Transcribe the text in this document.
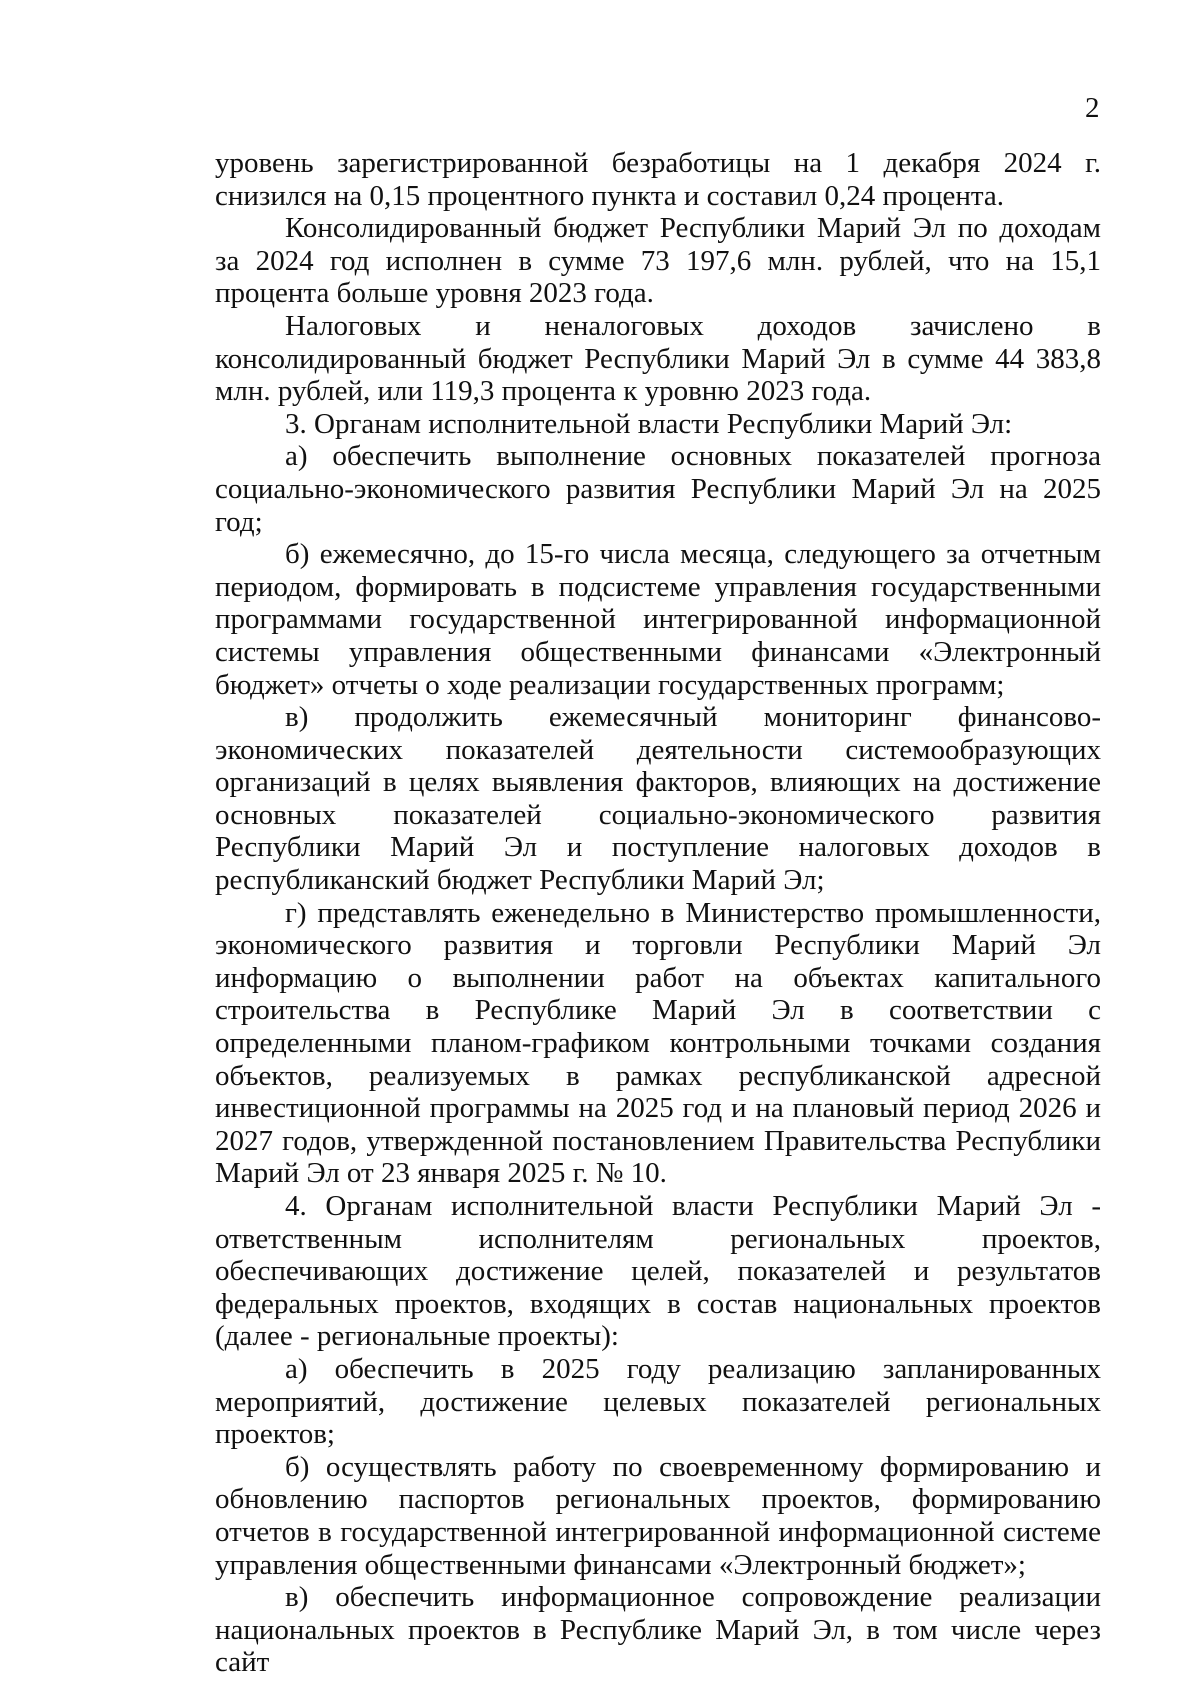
2

уровень зарегистрированной безработицы на 1 декабря 2024 г. снизился на 0,15 процентного пункта и составил 0,24 процента.

Консолидированный бюджет Республики Марий Эл по доходам за 2024 год исполнен в сумме 73 197,6 млн. рублей, что на 15,1 процента больше уровня 2023 года.

Налоговых и неналоговых доходов зачислено в консолидированный бюджет Республики Марий Эл в сумме 44 383,8 млн. рублей, или 119,3 процента к уровню 2023 года.

3. Органам исполнительной власти Республики Марий Эл:

а) обеспечить выполнение основных показателей прогноза социально-экономического развития Республики Марий Эл на 2025 год;

б) ежемесячно, до 15-го числа месяца, следующего за отчетным периодом, формировать в подсистеме управления государственными программами государственной интегрированной информационной системы управления общественными финансами «Электронный бюджет» отчеты о ходе реализации государственных программ;

в) продолжить ежемесячный мониторинг финансово-экономических показателей деятельности системообразующих организаций в целях выявления факторов, влияющих на достижение основных показателей социально-экономического развития Республики Марий Эл и поступление налоговых доходов в республиканский бюджет Республики Марий Эл;

г) представлять еженедельно в Министерство промышленности, экономического развития и торговли Республики Марий Эл информацию о выполнении работ на объектах капитального строительства в Республике Марий Эл в соответствии с определенными планом-графиком контрольными точками создания объектов, реализуемых в рамках республиканской адресной инвестиционной программы на 2025 год и на плановый период 2026 и 2027 годов, утвержденной постановлением Правительства Республики Марий Эл от 23 января 2025 г. № 10.

4. Органам исполнительной власти Республики Марий Эл - ответственным исполнителям региональных проектов, обеспечивающих достижение целей, показателей и результатов федеральных проектов, входящих в состав национальных проектов (далее - региональные проекты):

а) обеспечить в 2025 году реализацию запланированных мероприятий, достижение целевых показателей региональных проектов;

б) осуществлять работу по своевременному формированию и обновлению паспортов региональных проектов, формированию отчетов в государственной интегрированной информационной системе управления общественными финансами «Электронный бюджет»;

в) обеспечить информационное сопровождение реализации национальных проектов в Республике Марий Эл, в том числе через сайт
